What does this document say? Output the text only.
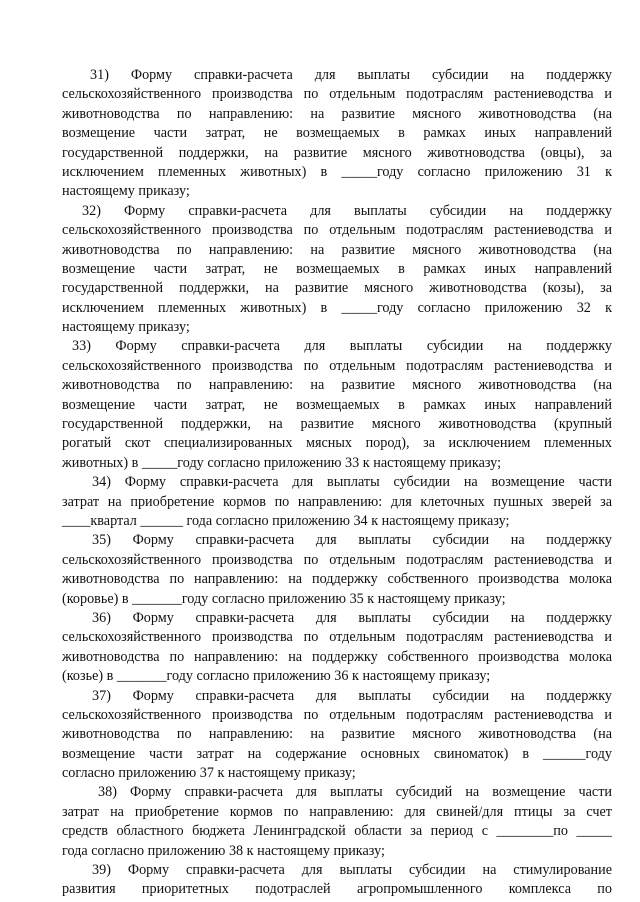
31) Форму справки-расчета для выплаты субсидии на поддержку
сельскохозяйственного производства по отдельным подотраслям растениеводства и
животноводства по направлению: на развитие мясного животноводства (на
возмещение части затрат, не возмещаемых в рамках иных направлений
государственной поддержки, на развитие мясного животноводства (овцы), за
исключением племенных животных) в _____году согласно приложению 31 к
настоящему приказу;
32) Форму справки-расчета для выплаты субсидии на поддержку
сельскохозяйственного производства по отдельным подотраслям растениеводства и
животноводства по направлению: на развитие мясного животноводства (на
возмещение части затрат, не возмещаемых в рамках иных направлений
государственной поддержки, на развитие мясного животноводства (козы), за
исключением племенных животных) в _____году согласно приложению 32 к
настоящему приказу;
33) Форму справки-расчета для выплаты субсидии на поддержку
сельскохозяйственного производства по отдельным подотраслям растениеводства и
животноводства по направлению: на развитие мясного животноводства (на
возмещение части затрат, не возмещаемых в рамках иных направлений
государственной поддержки, на развитие мясного животноводства (крупный
рогатый скот специализированных мясных пород), за исключением племенных
животных) в _____году согласно приложению 33 к настоящему приказу;
34) Форму справки-расчета для выплаты субсидии на возмещение части
затрат на приобретение кормов по направлению: для клеточных пушных зверей за
____квартал ______ года согласно приложению 34 к настоящему приказу;
35) Форму справки-расчета для выплаты субсидии на поддержку
сельскохозяйственного производства по отдельным подотраслям растениеводства и
животноводства по направлению: на поддержку собственного производства молока
(коровье) в _______году согласно приложению 35 к настоящему приказу;
36) Форму справки-расчета для выплаты субсидии на поддержку
сельскохозяйственного производства по отдельным подотраслям растениеводства и
животноводства по направлению: на поддержку собственного производства молока
(козье) в _______году согласно приложению 36 к настоящему приказу;
37) Форму справки-расчета для выплаты субсидии на поддержку
сельскохозяйственного производства по отдельным подотраслям растениеводства и
животноводства по направлению: на развитие мясного животноводства (на
возмещение части затрат на содержание основных свиноматок) в ______году
согласно приложению 37 к настоящему приказу;
38) Форму справки-расчета для выплаты субсидий на возмещение части
затрат на приобретение кормов по направлению: для свиней/для птицы за счет
средств областного бюджета Ленинградской области за период с ________по _____
года согласно приложению 38 к настоящему приказу;
39) Форму справки-расчета для выплаты субсидии на стимулирование
развития приоритетных подотраслей агропромышленного комплекса по
